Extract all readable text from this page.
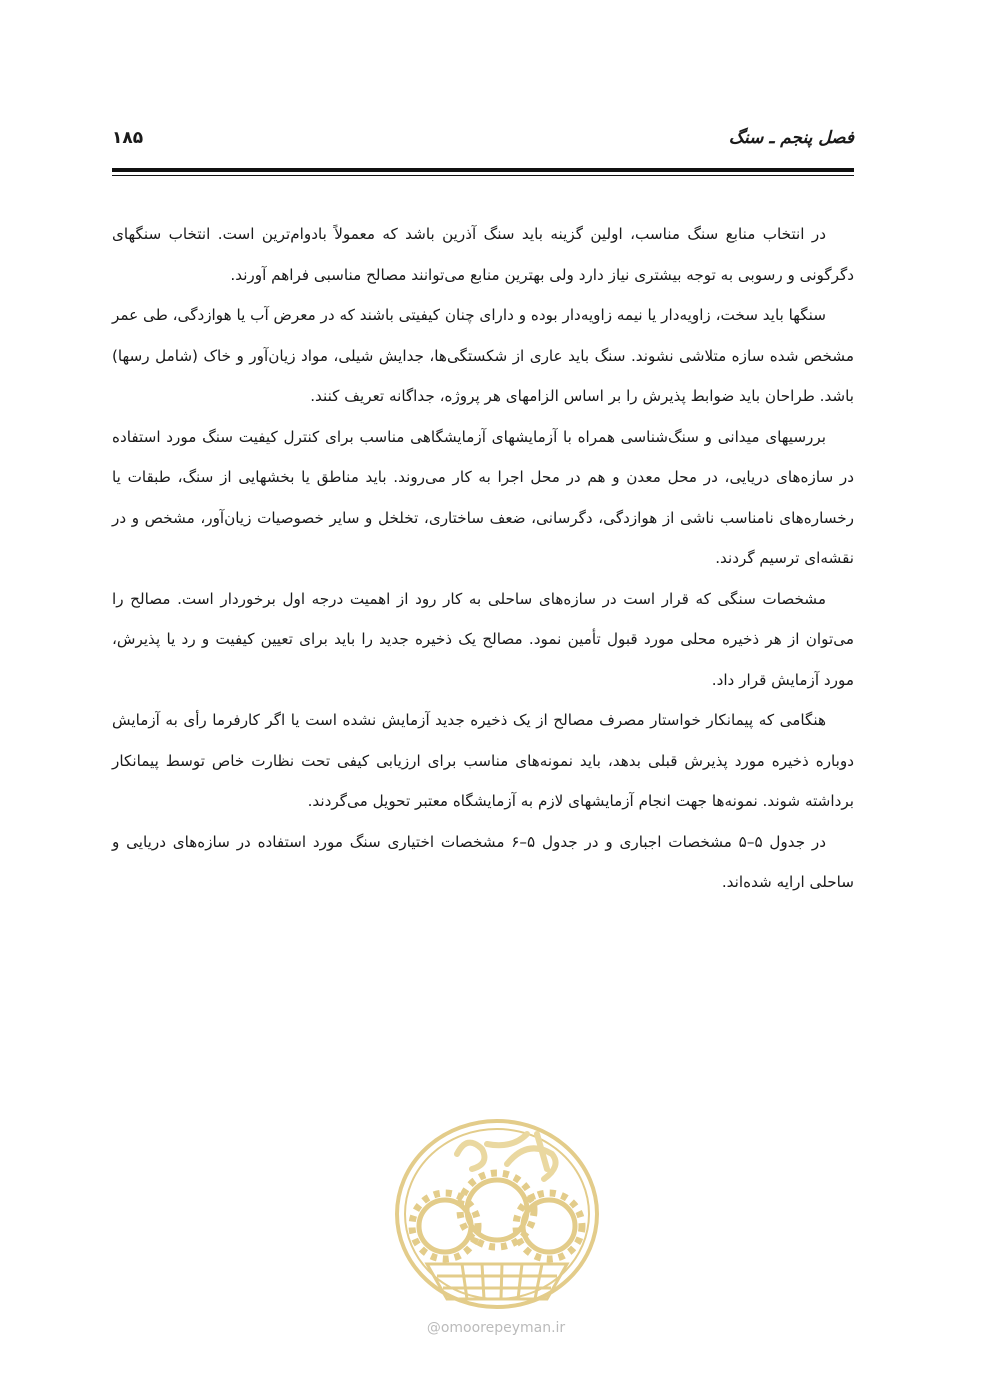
فصل پنجم ـ سنگ
۱۸۵

در انتخاب منابع سنگ مناسب، اولین گزینه باید سنگ آذرین باشد که معمولاً بادوام‌ترین است. انتخاب سنگهای دگرگونی و رسوبی به توجه بیشتری نیاز دارد ولی بهترین منابع می‌توانند مصالح مناسبی فراهم آورند.

سنگها باید سخت، زاویه‌دار یا نیمه زاویه‌دار بوده و دارای چنان کیفیتی باشند که در معرض آب یا هوازدگی، طی عمر مشخص شده سازه متلاشی نشوند. سنگ باید عاری از شکستگی‌ها، جدایش شیلی، مواد زیان‌آور و خاک (شامل رسها) باشد. طراحان باید ضوابط پذیرش را بر اساس الزامهای هر پروژه، جداگانه تعریف کنند.

بررسیهای میدانی و سنگ‌شناسی همراه با آزمایشهای آزمایشگاهی مناسب برای کنترل کیفیت سنگ مورد استفاده در سازه‌های دریایی، در محل معدن و هم در محل اجرا به کار می‌روند. باید مناطق یا بخشهایی از سنگ، طبقات یا رخساره‌های نامناسب ناشی از هوازدگی، دگرسانی، ضعف ساختاری، تخلخل و سایر خصوصیات زیان‌آور، مشخص و در نقشه‌ای ترسیم گردند.

مشخصات سنگی که قرار است در سازه‌های ساحلی به کار رود از اهمیت درجه اول برخوردار است. مصالح را می‌توان از هر ذخیره محلی مورد قبول تأمین نمود. مصالح یک ذخیره جدید را باید برای تعیین کیفیت و رد یا پذیرش، مورد آزمایش قرار داد.

هنگامی که پیمانکار خواستار مصرف مصالح از یک ذخیره جدید آزمایش نشده است یا اگر کارفرما رأی به آزمایش دوباره ذخیره مورد پذیرش قبلی بدهد، باید نمونه‌های مناسب برای ارزیابی کیفی تحت نظارت خاص توسط پیمانکار برداشته شوند. نمونه‌ها جهت انجام آزمایشهای لازم به آزمایشگاه معتبر تحویل می‌گردند.

در جدول ۵–۵ مشخصات اجباری و در جدول ۵–۶ مشخصات اختیاری سنگ مورد استفاده در سازه‌های دریایی و ساحلی ارایه شده‌اند.

@omoorepeyman.ir
